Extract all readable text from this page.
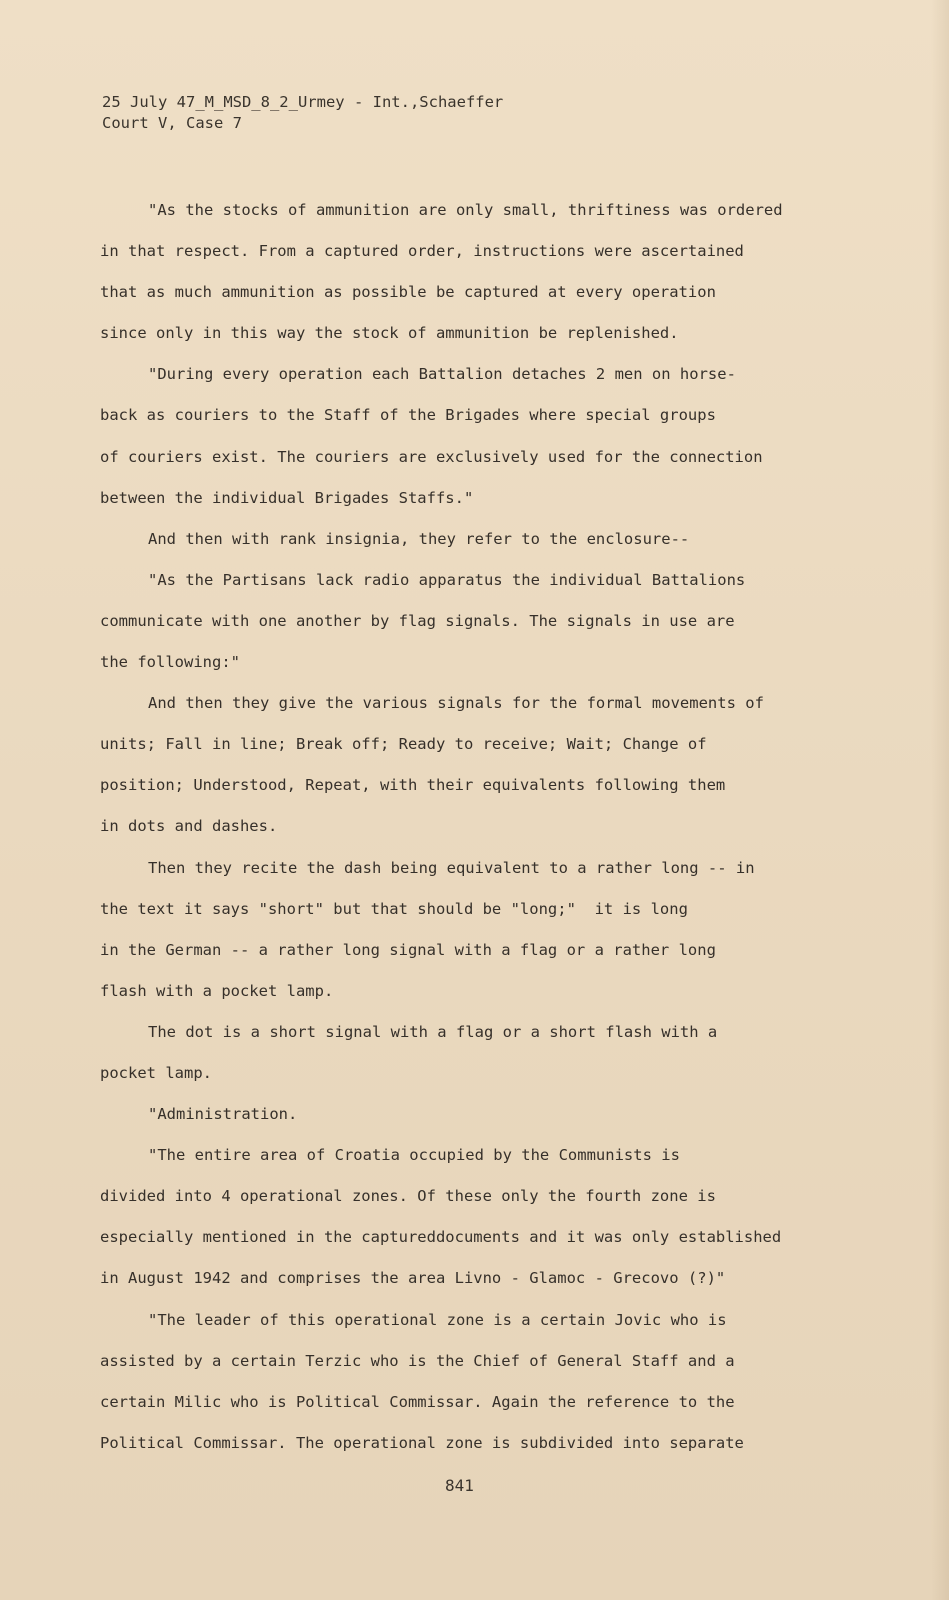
25 July 47_M_MSD_8_2_Urmey - Int.,Schaeffer
Court V, Case 7
"As the stocks of ammunition are only small, thriftiness was ordered
in that respect. From a captured order, instructions were ascertained
that as much ammunition as possible be captured at every operation
since only in this way the stock of ammunition be replenished.
"During every operation each Battalion detaches 2 men on horse-
back as couriers to the Staff of the Brigades where special groups
of couriers exist. The couriers are exclusively used for the connection
between the individual Brigades Staffs."
And then with rank insignia, they refer to the enclosure--
"As the Partisans lack radio apparatus the individual Battalions
communicate with one another by flag signals. The signals in use are
the following:"
And then they give the various signals for the formal movements of
units; Fall in line; Break off; Ready to receive; Wait; Change of
position; Understood, Repeat, with their equivalents following them
in dots and dashes.
Then they recite the dash being equivalent to a rather long -- in
the text it says "short" but that should be "long;"  it is long
in the German -- a rather long signal with a flag or a rather long
flash with a pocket lamp.
The dot is a short signal with a flag or a short flash with a
pocket lamp.
"Administration.
"The entire area of Croatia occupied by the Communists is
divided into 4 operational zones. Of these only the fourth zone is
especially mentioned in the captureddocuments and it was only established
in August 1942 and comprises the area Livno - Glamoc - Grecovo (?)"
"The leader of this operational zone is a certain Jovic who is
assisted by a certain Terzic who is the Chief of General Staff and a
certain Milic who is Political Commissar. Again the reference to the
Political Commissar. The operational zone is subdivided into separate
841
